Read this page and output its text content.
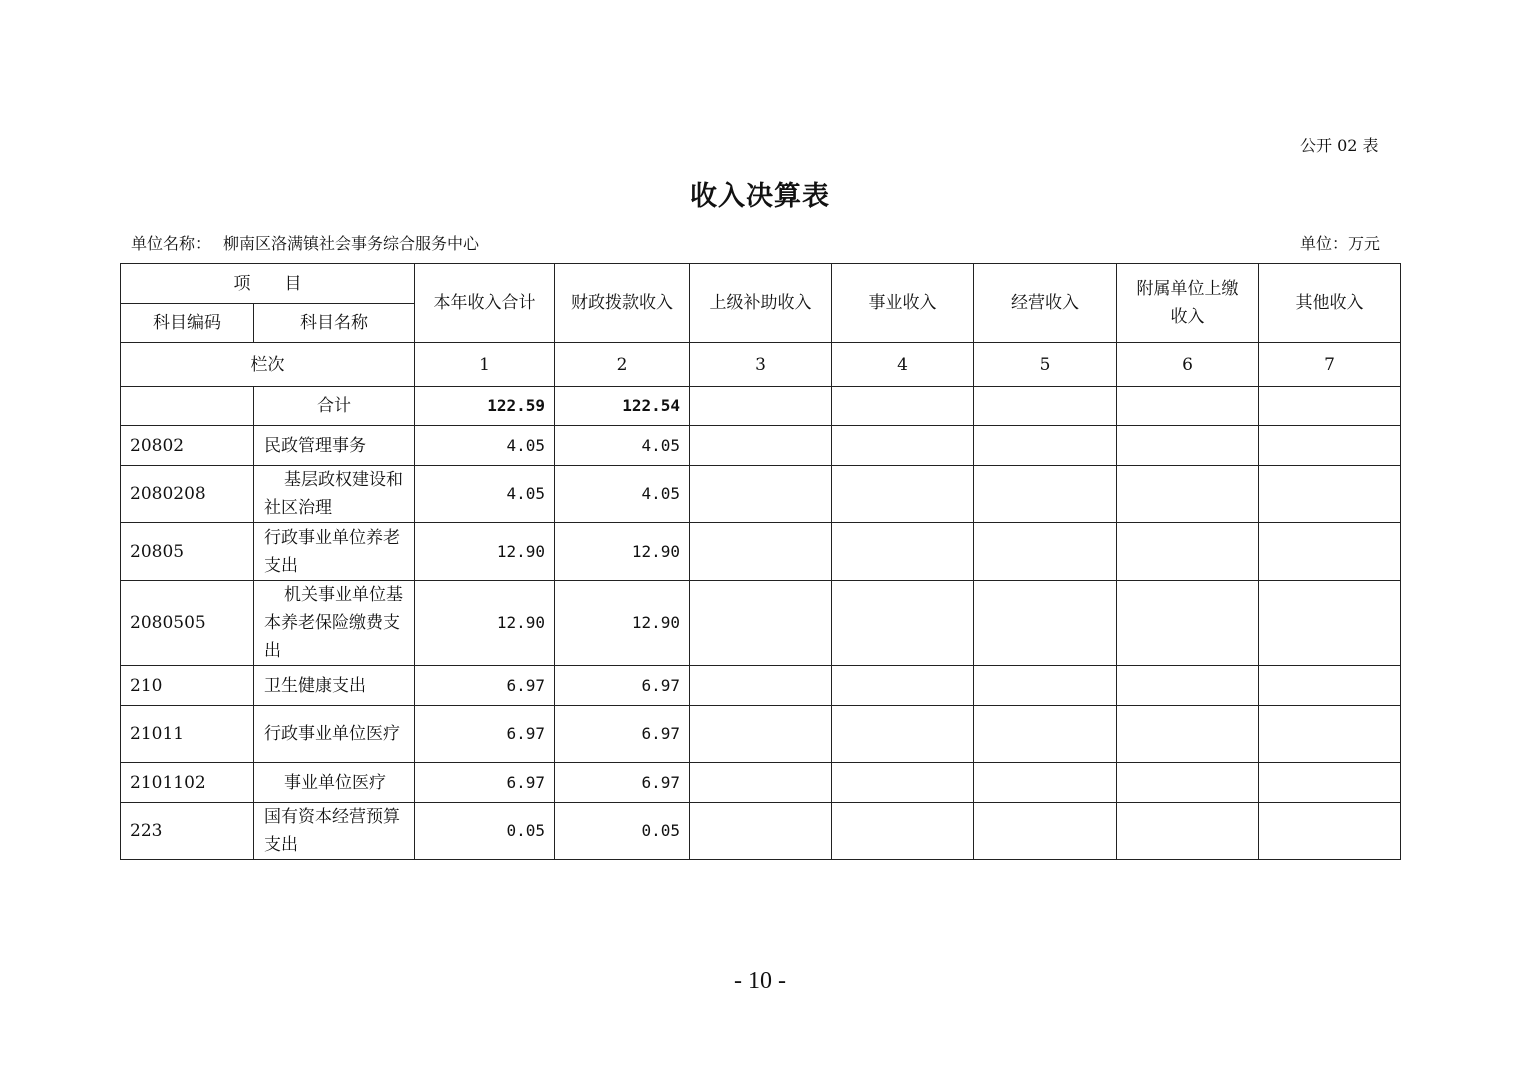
公开 02 表
收入决算表
单位名称： 柳南区洛满镇社会事务综合服务中心	单位：万元
项　　目		本年收入合计	财政拨款收入	上级补助收入	事业收入	经营收入	附属单位上缴收入	其他收入
科目编码	科目名称							
栏次		1	2	3	4	5	6	7
	合计	122.59	122.54					
20802	民政管理事务	4.05	4.05					
2080208	基层政权建设和社区治理	4.05	4.05					
20805	行政事业单位养老支出	12.90	12.90					
2080505	机关事业单位基本养老保险缴费支出	12.90	12.90					
210	卫生健康支出	6.97	6.97					
21011	行政事业单位医疗	6.97	6.97					
2101102	事业单位医疗	6.97	6.97					
223	国有资本经营预算支出	0.05	0.05					
- 10 -
